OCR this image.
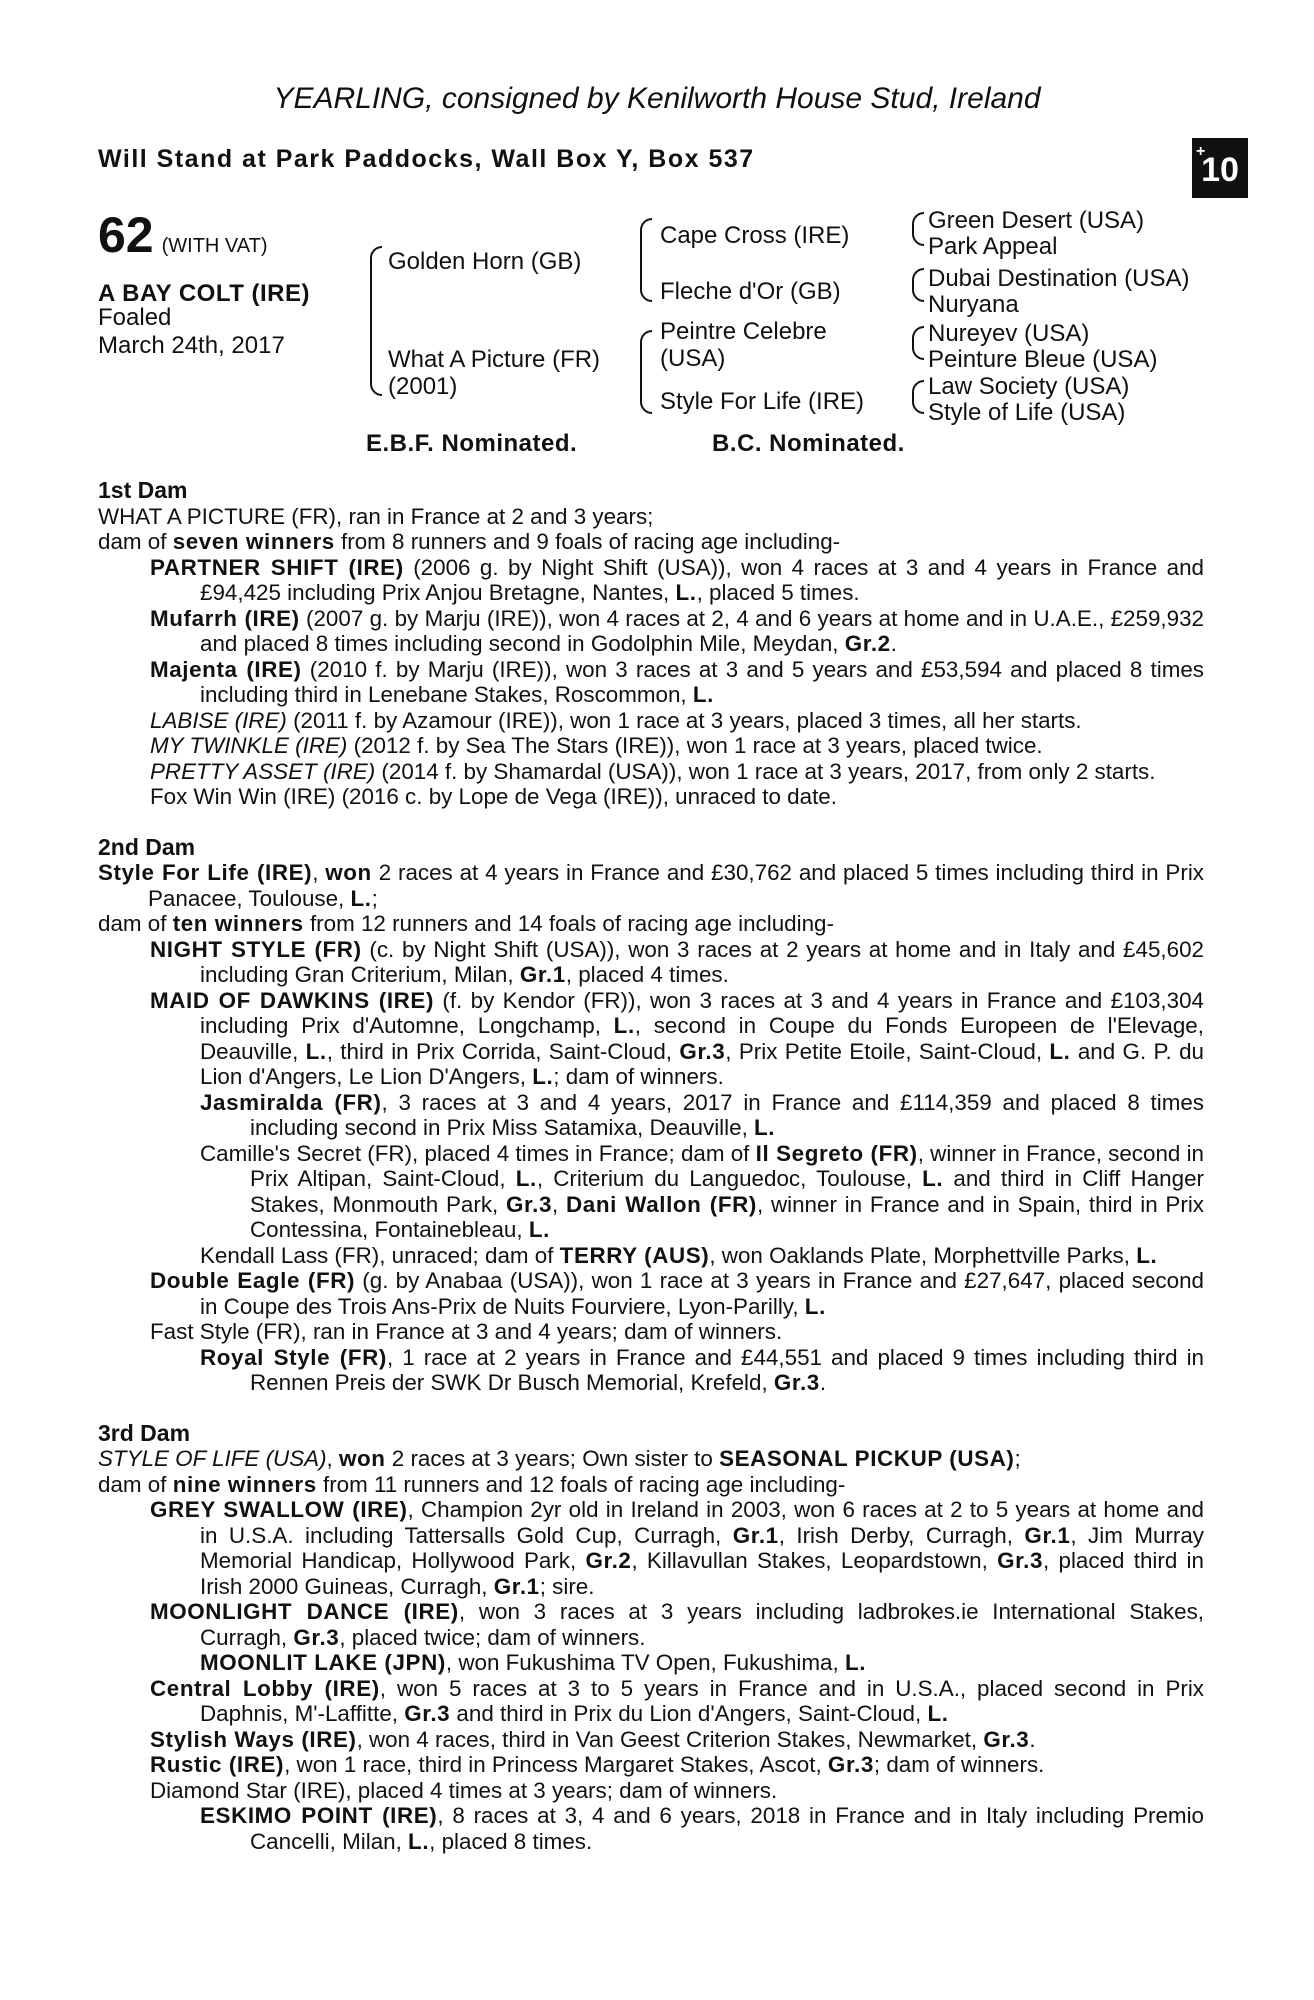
YEARLING, consigned by Kenilworth House Stud, Ireland
Will Stand at Park Paddocks, Wall Box Y, Box 537	+
10
62 (WITH VAT)
A BAY COLT (IRE)
Foaled
March 24th, 2017
Golden Horn (GB)
What A Picture (FR)
(2001)
Cape Cross (IRE)
Fleche d'Or (GB)
Peintre Celebre
(USA)
Style For Life (IRE)
Green Desert (USA)
Park Appeal
Dubai Destination (USA)
Nuryana
Nureyev (USA)
Peinture Bleue (USA)
Law Society (USA)
Style of Life (USA)
E.B.F. Nominated.	B.C. Nominated.

1st Dam

WHAT A PICTURE (FR), ran in France at 2 and 3 years;

dam of seven winners from 8 runners and 9 foals of racing age including-

PARTNER SHIFT (IRE) (2006 g. by Night Shift (USA)), won 4 races at 3 and 4 years in France and £94,425 including Prix Anjou Bretagne, Nantes, L., placed 5 times.

Mufarrh (IRE) (2007 g. by Marju (IRE)), won 4 races at 2, 4 and 6 years at home and in U.A.E., £259,932 and placed 8 times including second in Godolphin Mile, Meydan, Gr.2.

Majenta (IRE) (2010 f. by Marju (IRE)), won 3 races at 3 and 5 years and £53,594 and placed 8 times including third in Lenebane Stakes, Roscommon, L.

LABISE (IRE) (2011 f. by Azamour (IRE)), won 1 race at 3 years, placed 3 times, all her starts.

MY TWINKLE (IRE) (2012 f. by Sea The Stars (IRE)), won 1 race at 3 years, placed twice.

PRETTY ASSET (IRE) (2014 f. by Shamardal (USA)), won 1 race at 3 years, 2017, from only 2 starts.

Fox Win Win (IRE) (2016 c. by Lope de Vega (IRE)), unraced to date.

2nd Dam

Style For Life (IRE), won 2 races at 4 years in France and £30,762 and placed 5 times including third in Prix Panacee, Toulouse, L.;

dam of ten winners from 12 runners and 14 foals of racing age including-

NIGHT STYLE (FR) (c. by Night Shift (USA)), won 3 races at 2 years at home and in Italy and £45,602 including Gran Criterium, Milan, Gr.1, placed 4 times.

MAID OF DAWKINS (IRE) (f. by Kendor (FR)), won 3 races at 3 and 4 years in France and £103,304 including Prix d'Automne, Longchamp, L., second in Coupe du Fonds Europeen de l'Elevage, Deauville, L., third in Prix Corrida, Saint-Cloud, Gr.3, Prix Petite Etoile, Saint-Cloud, L. and G. P. du Lion d'Angers, Le Lion D'Angers, L.; dam of winners.

Jasmiralda (FR), 3 races at 3 and 4 years, 2017 in France and £114,359 and placed 8 times including second in Prix Miss Satamixa, Deauville, L.

Camille's Secret (FR), placed 4 times in France; dam of Il Segreto (FR), winner in France, second in Prix Altipan, Saint-Cloud, L., Criterium du Languedoc, Toulouse, L. and third in Cliff Hanger Stakes, Monmouth Park, Gr.3, Dani Wallon (FR), winner in France and in Spain, third in Prix Contessina, Fontainebleau, L.

Kendall Lass (FR), unraced; dam of TERRY (AUS), won Oaklands Plate, Morphettville Parks, L.

Double Eagle (FR) (g. by Anabaa (USA)), won 1 race at 3 years in France and £27,647, placed second in Coupe des Trois Ans-Prix de Nuits Fourviere, Lyon-Parilly, L.

Fast Style (FR), ran in France at 3 and 4 years; dam of winners.

Royal Style (FR), 1 race at 2 years in France and £44,551 and placed 9 times including third in Rennen Preis der SWK Dr Busch Memorial, Krefeld, Gr.3.

3rd Dam

STYLE OF LIFE (USA), won 2 races at 3 years; Own sister to SEASONAL PICKUP (USA);

dam of nine winners from 11 runners and 12 foals of racing age including-

GREY SWALLOW (IRE), Champion 2yr old in Ireland in 2003, won 6 races at 2 to 5 years at home and in U.S.A. including Tattersalls Gold Cup, Curragh, Gr.1, Irish Derby, Curragh, Gr.1, Jim Murray Memorial Handicap, Hollywood Park, Gr.2, Killavullan Stakes, Leopardstown, Gr.3, placed third in Irish 2000 Guineas, Curragh, Gr.1; sire.

MOONLIGHT DANCE (IRE), won 3 races at 3 years including ladbrokes.ie International Stakes, Curragh, Gr.3, placed twice; dam of winners.

MOONLIT LAKE (JPN), won Fukushima TV Open, Fukushima, L.

Central Lobby (IRE), won 5 races at 3 to 5 years in France and in U.S.A., placed second in Prix Daphnis, M'-Laffitte, Gr.3 and third in Prix du Lion d'Angers, Saint-Cloud, L.

Stylish Ways (IRE), won 4 races, third in Van Geest Criterion Stakes, Newmarket, Gr.3.

Rustic (IRE), won 1 race, third in Princess Margaret Stakes, Ascot, Gr.3; dam of winners.

Diamond Star (IRE), placed 4 times at 3 years; dam of winners.

ESKIMO POINT (IRE), 8 races at 3, 4 and 6 years, 2018 in France and in Italy including Premio Cancelli, Milan, L., placed 8 times.
